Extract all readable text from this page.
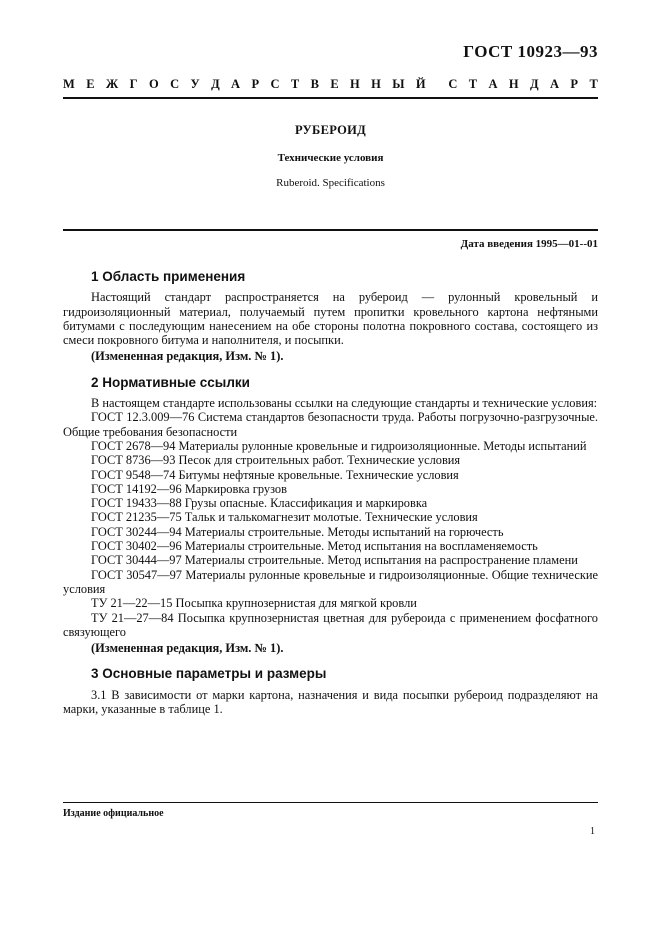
ГОСТ 10923—93
М Е Ж Г О С У Д А Р С Т В Е Н Н Ы Й С Т А Н Д А Р Т
РУБЕРОИД
Технические условия
Ruberoid. Specifications
Дата введения 1995—01--01
1 Область применения

Настоящий стандарт распространяется на рубероид — рулонный кровельный и гидроизоляционный материал, получаемый путем пропитки кровельного картона нефтяными битумами с последующим нанесением на обе стороны полотна покровного состава, состоящего из смеси покровного битума и наполнителя, и посыпки.

(Измененная редакция, Изм. № 1).

2 Нормативные ссылки

В настоящем стандарте использованы ссылки на следующие стандарты и технические условия:

ГОСТ 12.3.009—76 Система стандартов безопасности труда. Работы погрузочно-разгрузочные. Общие требования безопасности

ГОСТ 2678—94 Материалы рулонные кровельные и гидроизоляционные. Методы испытаний

ГОСТ 8736—93 Песок для строительных работ. Технические условия

ГОСТ 9548—74 Битумы нефтяные кровельные. Технические условия

ГОСТ 14192—96 Маркировка грузов

ГОСТ 19433—88 Грузы опасные. Классификация и маркировка

ГОСТ 21235—75 Тальк и талькомагнезит молотые. Технические условия

ГОСТ 30244—94 Материалы строительные. Методы испытаний на горючесть

ГОСТ 30402—96 Материалы строительные. Метод испытания на воспламеняемость

ГОСТ 30444—97 Материалы строительные. Метод испытания на распространение пламени

ГОСТ 30547—97 Материалы рулонные кровельные и гидроизоляционные. Общие технические условия

ТУ 21—22—15 Посыпка крупнозернистая для мягкой кровли

ТУ 21—27—84 Посыпка крупнозернистая цветная для рубероида с применением фосфатного связующего

(Измененная редакция, Изм. № 1).

3 Основные параметры и размеры

3.1 В зависимости от марки картона, назначения и вида посыпки рубероид подразделяют на марки, указанные в таблице 1.

Издание официальное
1
